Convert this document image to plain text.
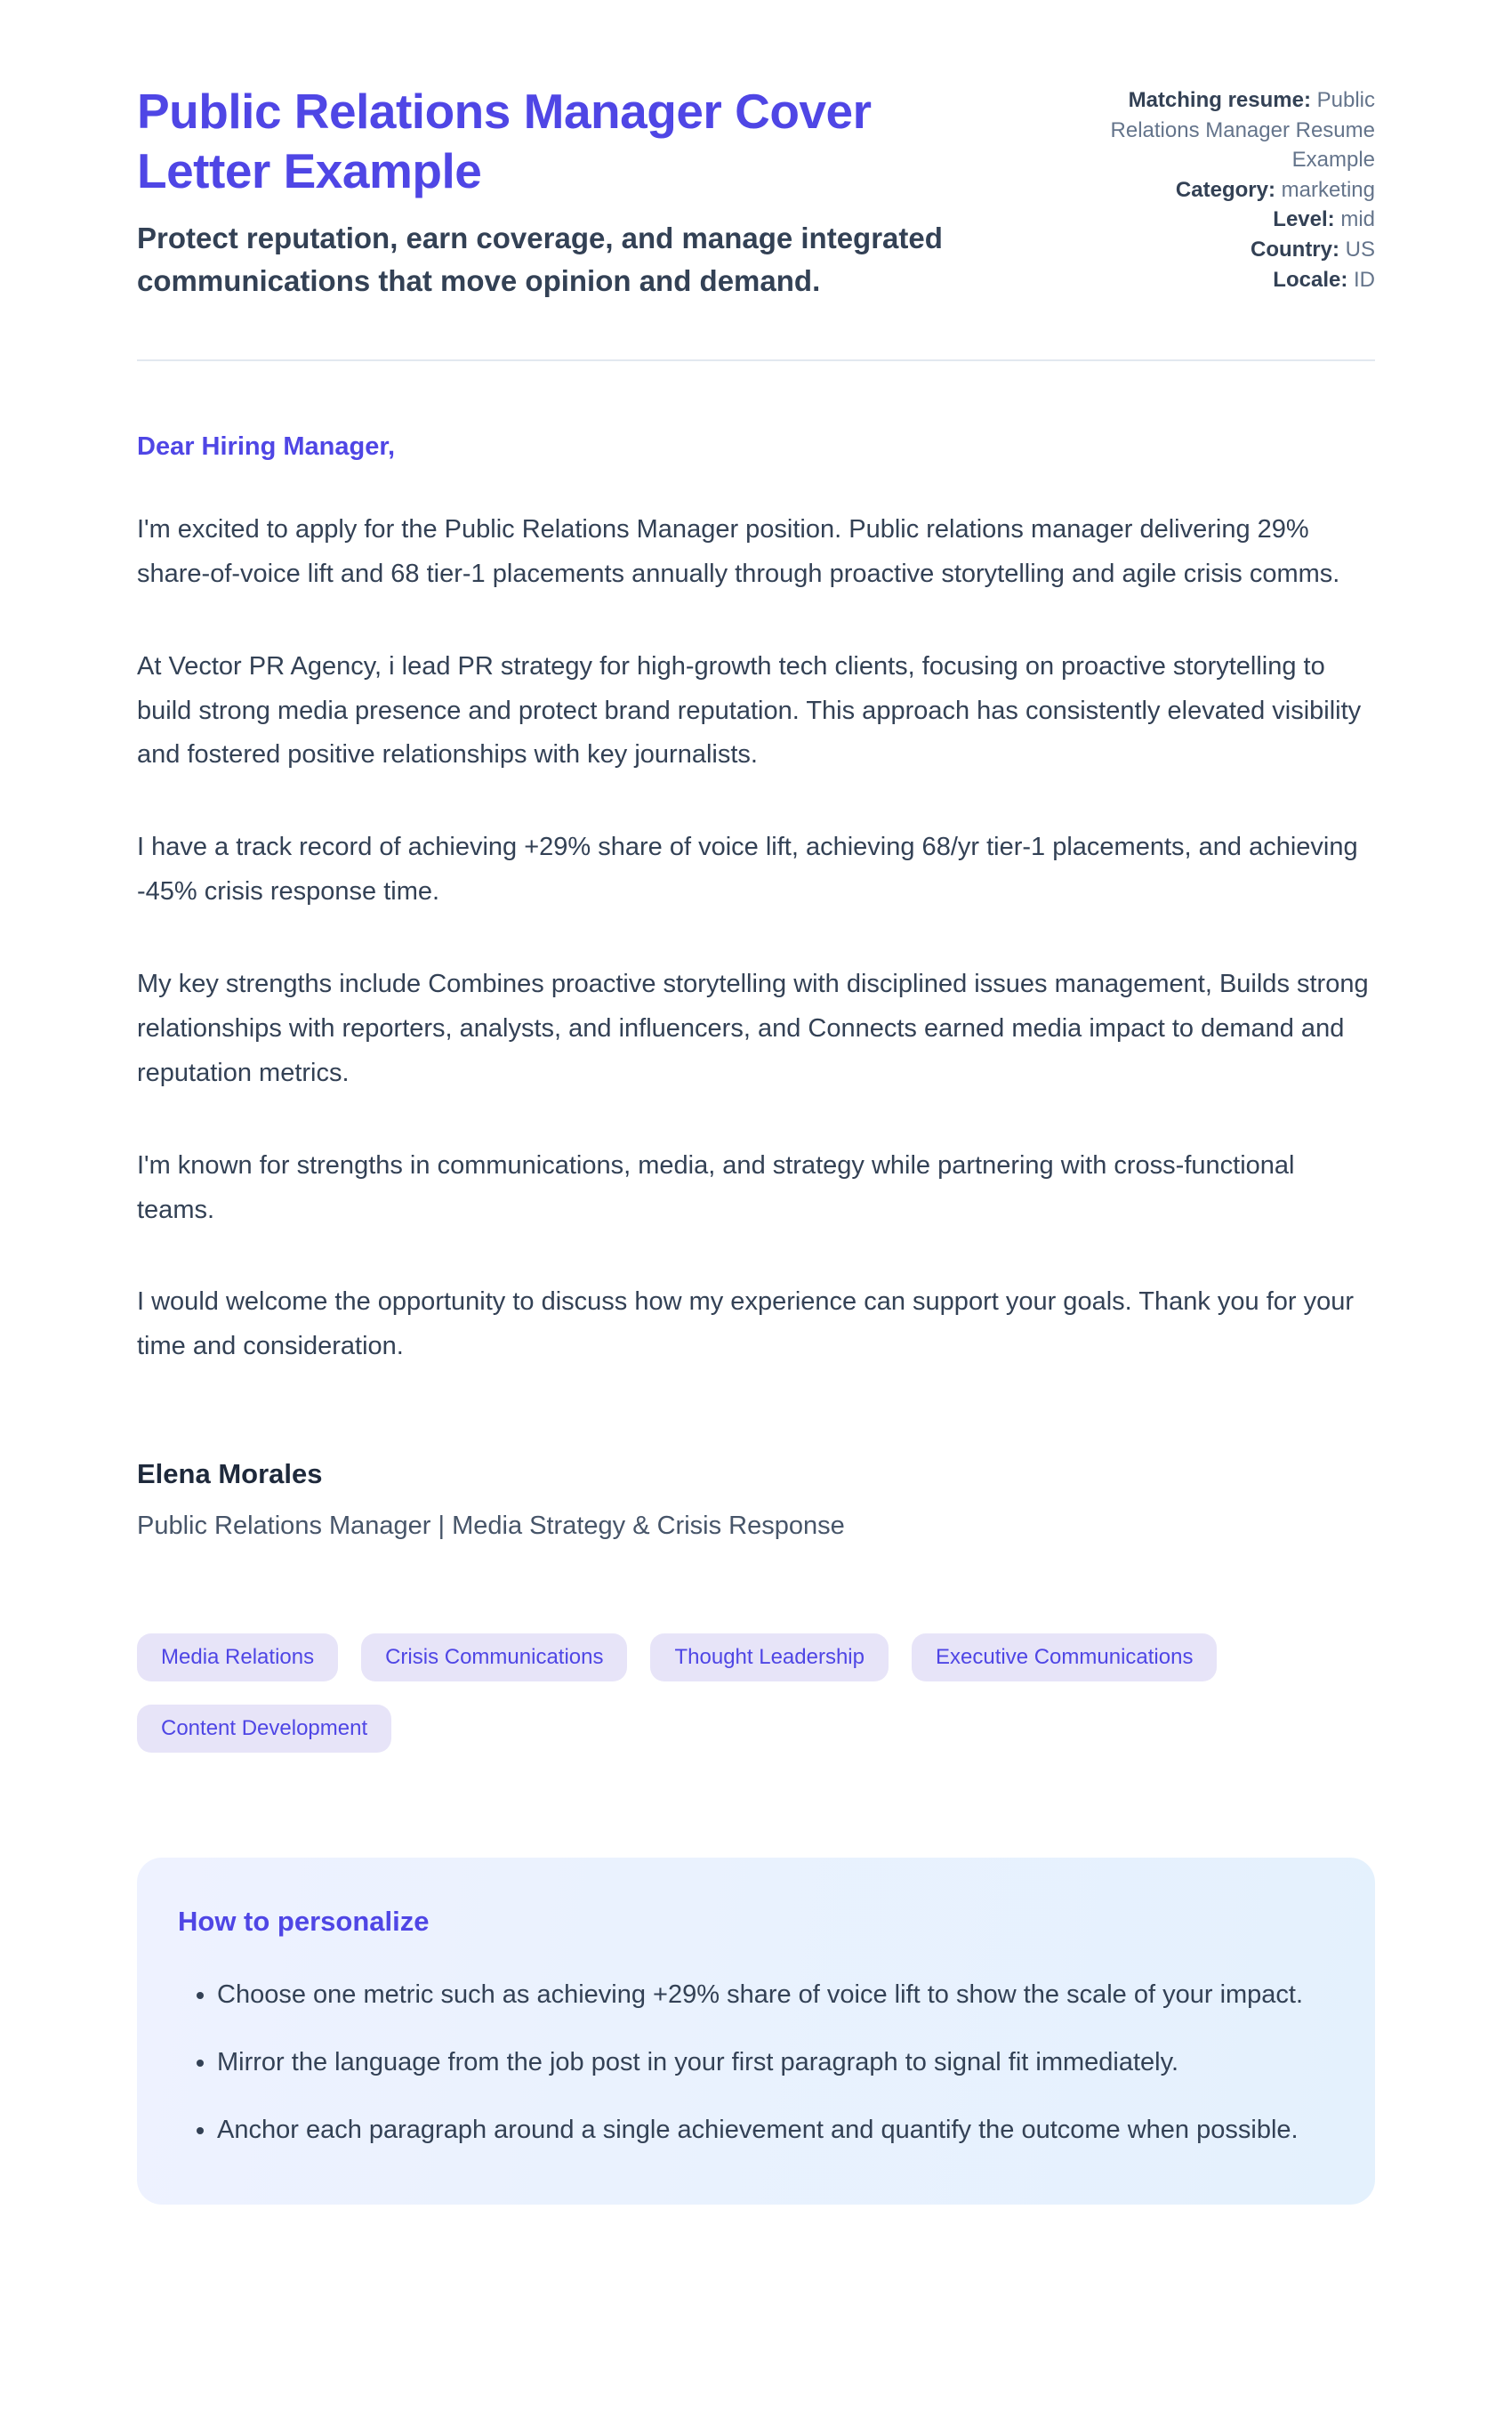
Public Relations Manager Cover Letter Example

Protect reputation, earn coverage, and manage integrated communications that move opinion and demand.

Matching resume: Public Relations Manager Resume Example
Category: marketing
Level: mid
Country: US
Locale: ID

Dear Hiring Manager,

I'm excited to apply for the Public Relations Manager position. Public relations manager delivering 29% share-of-voice lift and 68 tier-1 placements annually through proactive storytelling and agile crisis comms.

At Vector PR Agency, i lead PR strategy for high-growth tech clients, focusing on proactive storytelling to build strong media presence and protect brand reputation. This approach has consistently elevated visibility and fostered positive relationships with key journalists.

I have a track record of achieving +29% share of voice lift, achieving 68/yr tier-1 placements, and achieving -45% crisis response time.

My key strengths include Combines proactive storytelling with disciplined issues management, Builds strong relationships with reporters, analysts, and influencers, and Connects earned media impact to demand and reputation metrics.

I'm known for strengths in communications, media, and strategy while partnering with cross-functional teams.

I would welcome the opportunity to discuss how my experience can support your goals. Thank you for your time and consideration.

Elena Morales

Public Relations Manager | Media Strategy & Crisis Response

Media Relations	Crisis Communications	Thought Leadership	Executive Communications
Content Development
How to personalize
• Choose one metric such as achieving +29% share of voice lift to show the scale of your impact.
• Mirror the language from the job post in your first paragraph to signal fit immediately.
• Anchor each paragraph around a single achievement and quantify the outcome when possible.
